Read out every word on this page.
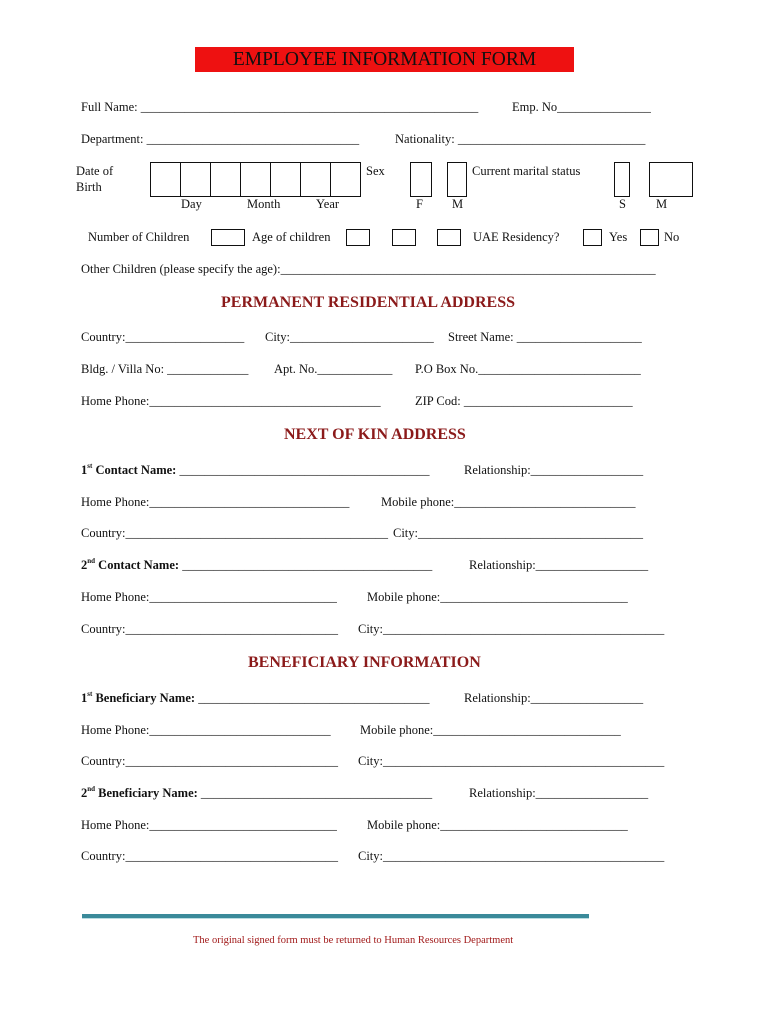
EMPLOYEE INFORMATION FORM
Full Name: ______________________________________________________	Emp. No_______________
Department: __________________________________	Nationality: ______________________________
Date of
Birth
Day	Month	Year
Sex
F M
Current marital status
S M
Number of Children	Age of children	UAE Residency?	Yes	No
Other Children (please specify the age):____________________________________________________________
PERMANENT RESIDENTIAL ADDRESS
Country:___________________ City:_______________________ Street Name: ____________________
Bldg. / Villa No: _____________ Apt. No.____________ P.O Box No.__________________________
Home Phone:_____________________________________	ZIP Cod: ___________________________
NEXT OF KIN ADDRESS
1st Contact Name: ________________________________________	Relationship:__________________
Home Phone:________________________________	Mobile phone:_____________________________
Country:__________________________________________ City:____________________________________
2nd Contact Name: ________________________________________	Relationship:__________________
Home Phone:______________________________ Mobile phone:______________________________
Country:__________________________________ City:_____________________________________________
BENEFICIARY INFORMATION
1st Beneficiary Name: _____________________________________	Relationship:__________________
Home Phone:_____________________________ Mobile phone:______________________________
Country:__________________________________ City:_____________________________________________
2nd Beneficiary Name: _____________________________________	Relationship:__________________
Home Phone:______________________________ Mobile phone:______________________________
Country:__________________________________ City:_____________________________________________
The original signed form must be returned to Human Resources Department
